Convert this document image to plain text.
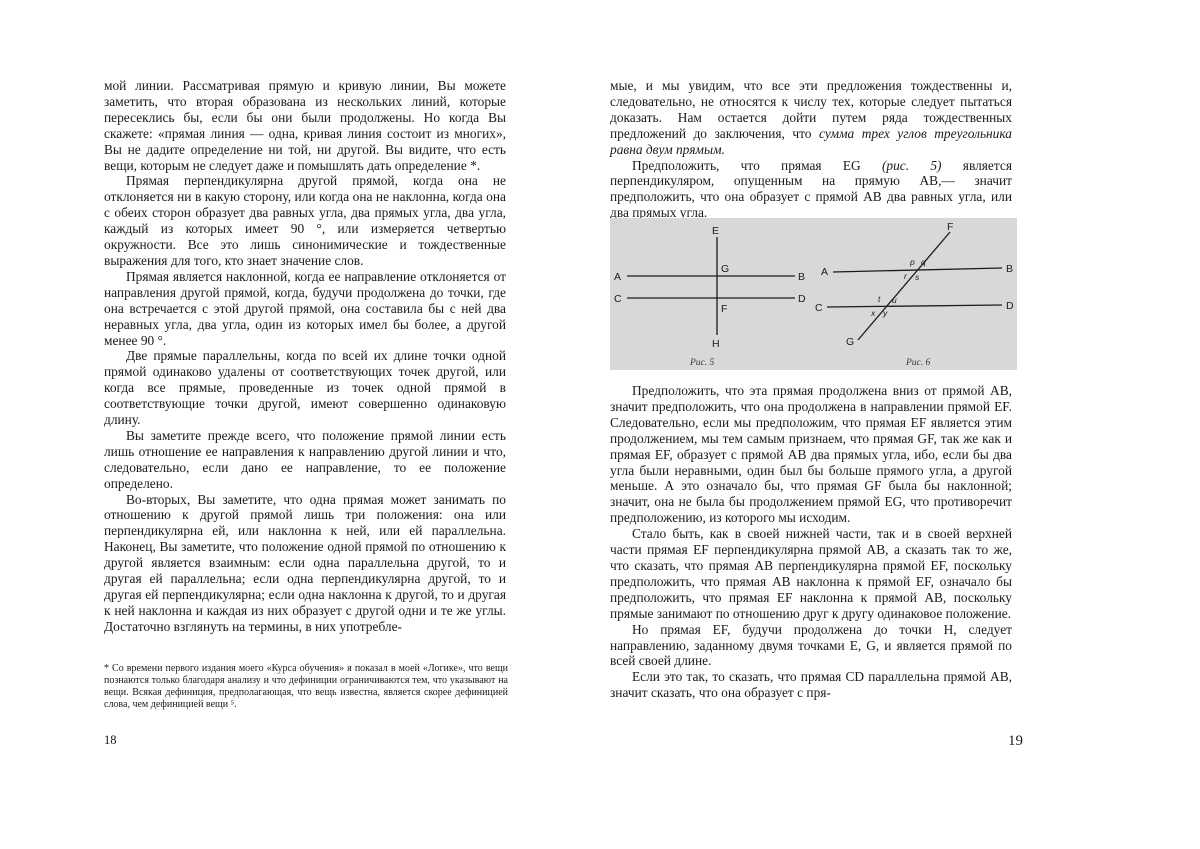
мой линии. Рассматривая прямую и кривую линии, Вы можете заметить, что вторая образована из нескольких линий, которые пересеклись бы, если бы они были продолжены. Но когда Вы скажете: «прямая линия — одна, кривая линия состоит из многих», Вы не дадите определение ни той, ни другой. Вы видите, что есть вещи, которым не следует даже и помышлять дать определение *.

Прямая перпендикулярна другой прямой, когда она не отклоняется ни в какую сторону, или когда она не наклонна, когда она с обеих сторон образует два равных угла, два прямых угла, два угла, каждый из которых имеет 90 °, или измеряется четвертью окружности. Все это лишь синонимические и тождественные выражения для того, кто знает значение слов.

Прямая является наклонной, когда ее направление отклоняется от направления другой прямой, когда, будучи продолжена до точки, где она встречается с этой другой прямой, она составила бы с ней два неравных угла, два угла, один из которых имел бы более, а другой менее 90 °.

Две прямые параллельны, когда по всей их длине точки одной прямой одинаково удалены от соответствующих точек другой, или когда все прямые, проведенные из точек одной прямой в соответствующие точки другой, имеют совершенно одинаковую длину.

Вы заметите прежде всего, что положение прямой линии есть лишь отношение ее направления к направлению другой линии и что, следовательно, если дано ее направление, то ее положение определено.

Во-вторых, Вы заметите, что одна прямая может занимать по отношению к другой прямой лишь три положения: она или перпендикулярна ей, или наклонна к ней, или ей параллельна. Наконец, Вы заметите, что положение одной прямой по отношению к другой является взаимным: если одна параллельна другой, то и другая ей параллельна; если одна перпендикулярна другой, то и другая ей перпендикулярна; если одна наклонна к другой, то и другая к ней наклонна и каждая из них образует с другой одни и те же углы. Достаточно взглянуть на термины, в них употребле-

* Со времени первого издания моего «Курса обучения» я показал в моей «Логике», что вещи познаются только благодаря анализу и что дефиниции ограничиваются тем, что указывают на вещи. Всякая дефиниция, предполагающая, что вещь известна, является скорее дефиницией слова, чем дефиницией вещи ⁵.

18

мые, и мы увидим, что все эти предложения тождественны и, следовательно, не относятся к числу тех, которые следует пытаться доказать. Нам остается дойти путем ряда тождественных предложений до заключения, что сумма трех углов треугольника равна двум прямым.

Предположить, что прямая EG (рис. 5) является перпендикуляром, опущенным на прямую AB,— значит предположить, что она образует с прямой AB два равных угла, или два прямых угла.

E
A
G
B
C	D
F
H
Рис. 5
F
A	B
C	D
G
p q
r s
t u
x y
Рис. 6

Предположить, что эта прямая продолжена вниз от прямой AB, значит предположить, что она продолжена в направлении прямой EF. Следовательно, если мы предположим, что прямая EF является этим продолжением, мы тем самым признаем, что прямая GF, так же как и прямая EF, образует с прямой AB два прямых угла, ибо, если бы два угла были неравными, один был бы больше прямого угла, а другой меньше. А это означало бы, что прямая GF была бы наклонной; значит, она не была бы продолжением прямой EG, что противоречит предположению, из которого мы исходим.

Стало быть, как в своей нижней части, так и в своей верхней части прямая EF перпендикулярна прямой AB, а сказать так то же, что сказать, что прямая AB перпендикулярна прямой EF, поскольку предположить, что прямая AB наклонна к прямой EF, означало бы предположить, что прямая EF наклонна к прямой AB, поскольку прямые занимают по отношению друг к другу одинаковое положение.

Но прямая EF, будучи продолжена до точки H, следует направлению, заданному двумя точками E, G, и является прямой по всей своей длине.

Если это так, то сказать, что прямая CD параллельна прямой AB, значит сказать, что она образует с пря-

19
